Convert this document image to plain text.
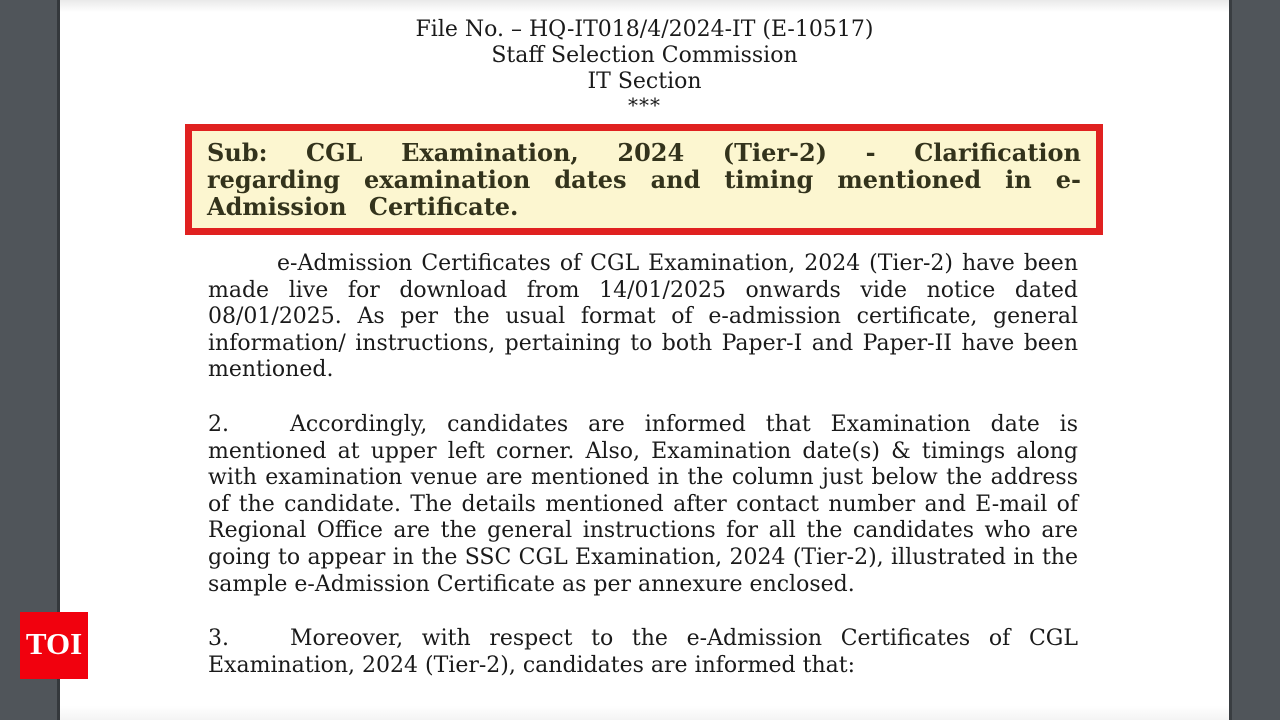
File No. – HQ-IT018/4/2024-IT (E-10517)
Staff Selection Commission
IT Section
***
Sub: CGL Examination, 2024 (Tier-2) - Clarification regarding examination dates and timing mentioned in e-Admission Certificate.

e-Admission Certificates of CGL Examination, 2024 (Tier-2) have been made live for download from 14/01/2025 onwards vide notice dated 08/01/2025. As per the usual format of e-admission certificate, general information/ instructions, pertaining to both Paper-I and Paper-II have been mentioned.

2.	Accordingly, candidates are informed that Examination date is mentioned at upper left corner. Also, Examination date(s) & timings along with examination venue are mentioned in the column just below the address of the candidate. The details mentioned after contact number and E-mail of Regional Office are the general instructions for all the candidates who are going to appear in the SSC CGL Examination, 2024 (Tier-2), illustrated in the sample e-Admission Certificate as per annexure enclosed.

3.	Moreover, with respect to the e-Admission Certificates of CGL Examination, 2024 (Tier-2), candidates are informed that:

TOI
